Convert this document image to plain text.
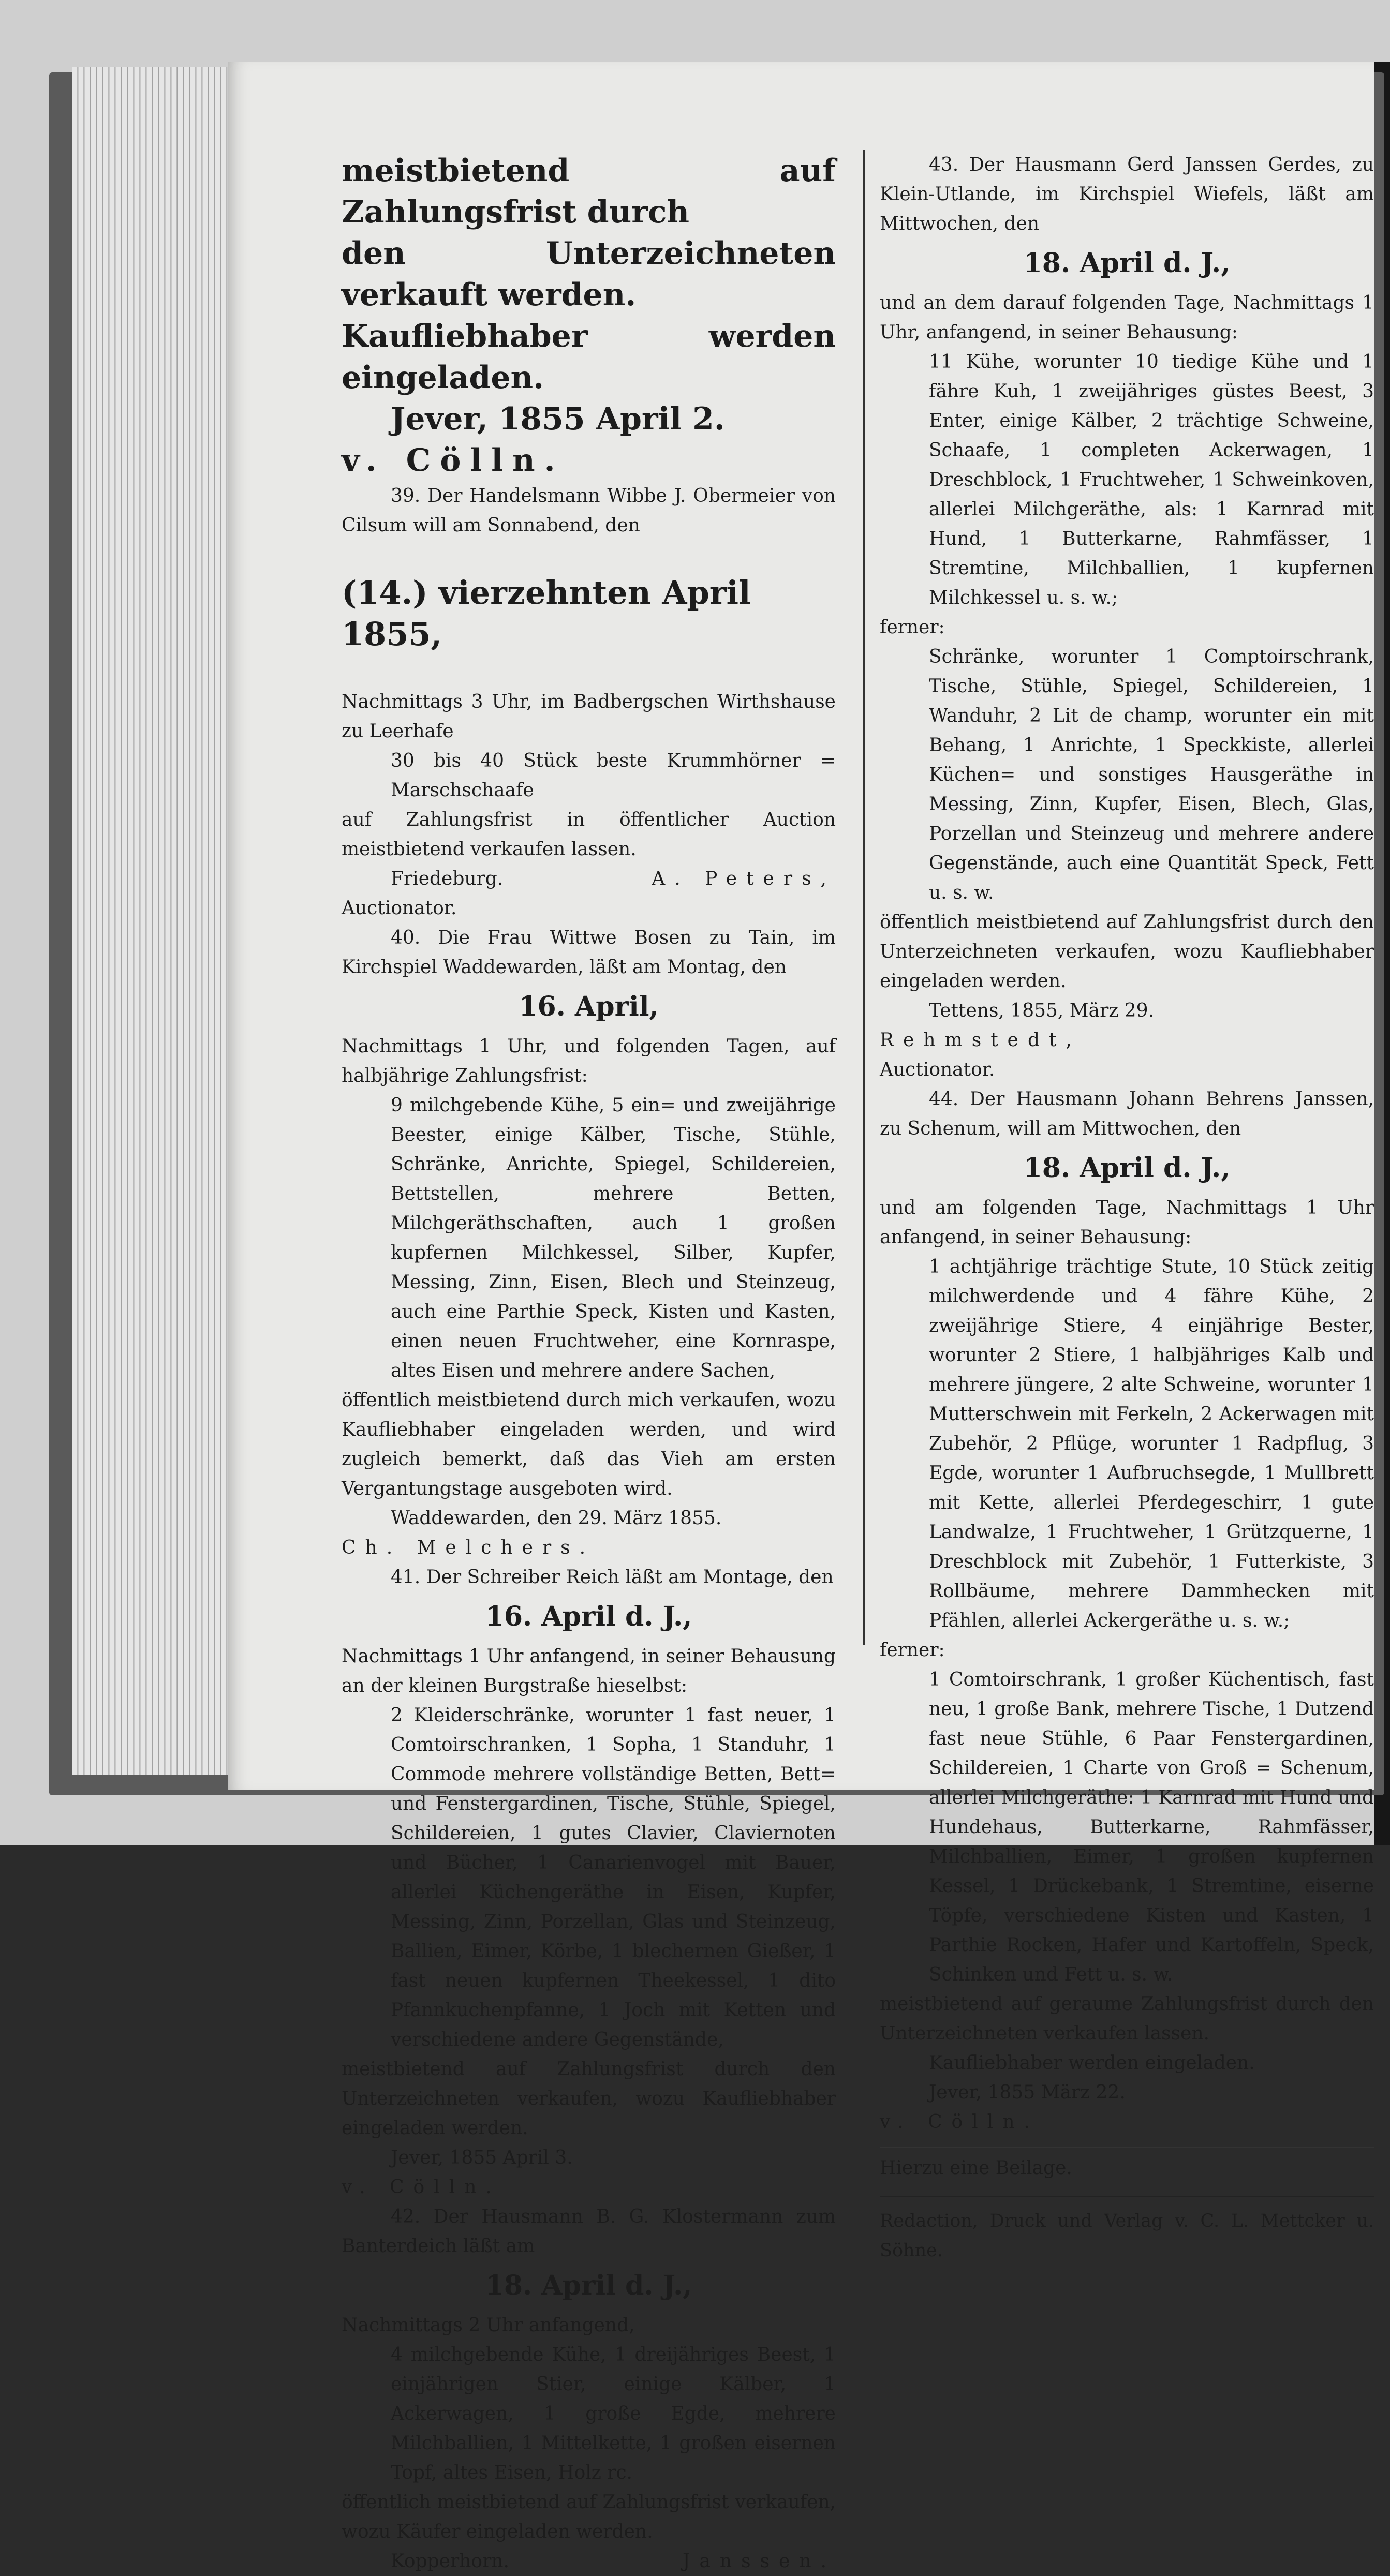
meistbietend auf Zahlungsfrist durch

den Unterzeichneten verkauft werden.

Kaufliebhaber werden eingeladen.

Jever, 1855 April 2.

v. Cölln.

39. Der Handelsmann Wibbe J. Obermeier von Cilsum will am Sonnabend, den

(14.) vierzehnten April 1855,

Nachmittags 3 Uhr, im Badbergschen Wirthshause zu Leerhafe

30 bis 40 Stück beste Krummhörner = Marschschaafe

auf Zahlungsfrist in öffentlicher Auction meistbietend verkaufen lassen.

Friedeburg.	A. Peters,

Auctionator.

40. Die Frau Wittwe Bosen zu Tain, im Kirchspiel Waddewarden, läßt am Montag, den

16. April,

Nachmittags 1 Uhr, und folgenden Tagen, auf halbjährige Zahlungsfrist:

9 milchgebende Kühe, 5 ein= und zweijährige Beester, einige Kälber, Tische, Stühle, Schränke, Anrichte, Spiegel, Schildereien, Bettstellen, mehrere Betten, Milchgeräthschaften, auch 1 großen kupfernen Milchkessel, Silber, Kupfer, Messing, Zinn, Eisen, Blech und Steinzeug, auch eine Parthie Speck, Kisten und Kasten, einen neuen Fruchtweher, eine Kornraspe, altes Eisen und mehrere andere Sachen,

öffentlich meistbietend durch mich verkaufen, wozu Kaufliebhaber eingeladen werden, und wird zugleich bemerkt, daß das Vieh am ersten Vergantungstage ausgeboten wird.

Waddewarden, den 29. März 1855.

Ch. Melchers.

41. Der Schreiber Reich läßt am Montage, den

16. April d. J.,

Nachmittags 1 Uhr anfangend, in seiner Behausung an der kleinen Burgstraße hieselbst:

2 Kleiderschränke, worunter 1 fast neuer, 1 Comtoirschranken, 1 Sopha, 1 Standuhr, 1 Commode mehrere vollständige Betten, Bett= und Fenstergardinen, Tische, Stühle, Spiegel, Schildereien, 1 gutes Clavier, Claviernoten und Bücher, 1 Canarienvogel mit Bauer, allerlei Küchengeräthe in Eisen, Kupfer, Messing, Zinn, Porzellan, Glas und Steinzeug, Ballien, Eimer, Körbe, 1 blechernen Gießer, 1 fast neuen kupfernen Theekessel, 1 dito Pfannkuchenpfanne, 1 Joch mit Ketten und verschiedene andere Gegenstände,

meistbietend auf Zahlungsfrist durch den Unterzeichneten verkaufen, wozu Kaufliebhaber eingeladen werden.

Jever, 1855 April 3.

v. Cölln.

42. Der Hausmann B. G. Klostermann zum Banterdeich läßt am

18. April d. J.,

Nachmittags 2 Uhr anfangend,

4 milchgebende Kühe, 1 dreijähriges Beest, 1 einjährigen Stier, einige Kälber, 1 Ackerwagen, 1 große Egde, mehrere Milchballien, 1 Mittelkette, 1 großen eisernen Topf, altes Eisen, Holz rc.

öffentlich meistbietend auf Zahlungsfrist verkaufen, wozu Käufer eingeladen werden.

Kopperhorn.	Janssen.

43. Der Hausmann Gerd Janssen Gerdes, zu Klein-Utlande, im Kirchspiel Wiefels, läßt am Mittwochen, den

18. April d. J.,

und an dem darauf folgenden Tage, Nachmittags 1 Uhr, anfangend, in seiner Behausung:

11 Kühe, worunter 10 tiedige Kühe und 1 fähre Kuh, 1 zweijähriges güstes Beest, 3 Enter, einige Kälber, 2 trächtige Schweine, Schaafe, 1 completen Ackerwagen, 1 Dreschblock, 1 Fruchtweher, 1 Schweinkoven, allerlei Milchgeräthe, als: 1 Karnrad mit Hund, 1 Butterkarne, Rahmfässer, 1 Stremtine, Milchballien, 1 kupfernen Milchkessel u. s. w.;

ferner:

Schränke, worunter 1 Comptoirschrank, Tische, Stühle, Spiegel, Schildereien, 1 Wanduhr, 2 Lit de champ, worunter ein mit Behang, 1 Anrichte, 1 Speckkiste, allerlei Küchen= und sonstiges Hausgeräthe in Messing, Zinn, Kupfer, Eisen, Blech, Glas, Porzellan und Steinzeug und mehrere andere Gegenstände, auch eine Quantität Speck, Fett u. s. w.

öffentlich meistbietend auf Zahlungsfrist durch den Unterzeichneten verkaufen, wozu Kaufliebhaber eingeladen werden.

Tettens, 1855, März 29.

Rehmstedt,

Auctionator.

44. Der Hausmann Johann Behrens Janssen, zu Schenum, will am Mittwochen, den

18. April d. J.,

und am folgenden Tage, Nachmittags 1 Uhr anfangend, in seiner Behausung:

1 achtjährige trächtige Stute, 10 Stück zeitig milchwerdende und 4 fähre Kühe, 2 zweijährige Stiere, 4 einjährige Bester, worunter 2 Stiere, 1 halbjähriges Kalb und mehrere jüngere, 2 alte Schweine, worunter 1 Mutterschwein mit Ferkeln, 2 Ackerwagen mit Zubehör, 2 Pflüge, worunter 1 Radpflug, 3 Egde, worunter 1 Aufbruchsegde, 1 Mullbrett mit Kette, allerlei Pferdegeschirr, 1 gute Landwalze, 1 Fruchtweher, 1 Grützquerne, 1 Dreschblock mit Zubehör, 1 Futterkiste, 3 Rollbäume, mehrere Dammhecken mit Pfählen, allerlei Ackergeräthe u. s. w.;

ferner:

1 Comtoirschrank, 1 großer Küchentisch, fast neu, 1 große Bank, mehrere Tische, 1 Dutzend fast neue Stühle, 6 Paar Fenstergardinen, Schildereien, 1 Charte von Groß = Schenum, allerlei Milchgeräthe: 1 Karnrad mit Hund und Hundehaus, Butterkarne, Rahmfässer, Milchballien, Eimer, 1 großen kupfernen Kessel, 1 Drückebank, 1 Stremtine, eiserne Töpfe, verschiedene Kisten und Kasten, 1 Parthie Rocken, Hafer und Kartoffeln, Speck, Schinken und Fett u. s. w.

meistbietend auf geraume Zahlungsfrist durch den Unterzeichneten verkaufen lassen.

Kaufliebhaber werden eingeladen.

Jever, 1855 März 22.

v. Cölln.

Hierzu eine Beilage.

Redaction, Druck und Verlag v. C. L. Mettcker u. Söhne.
